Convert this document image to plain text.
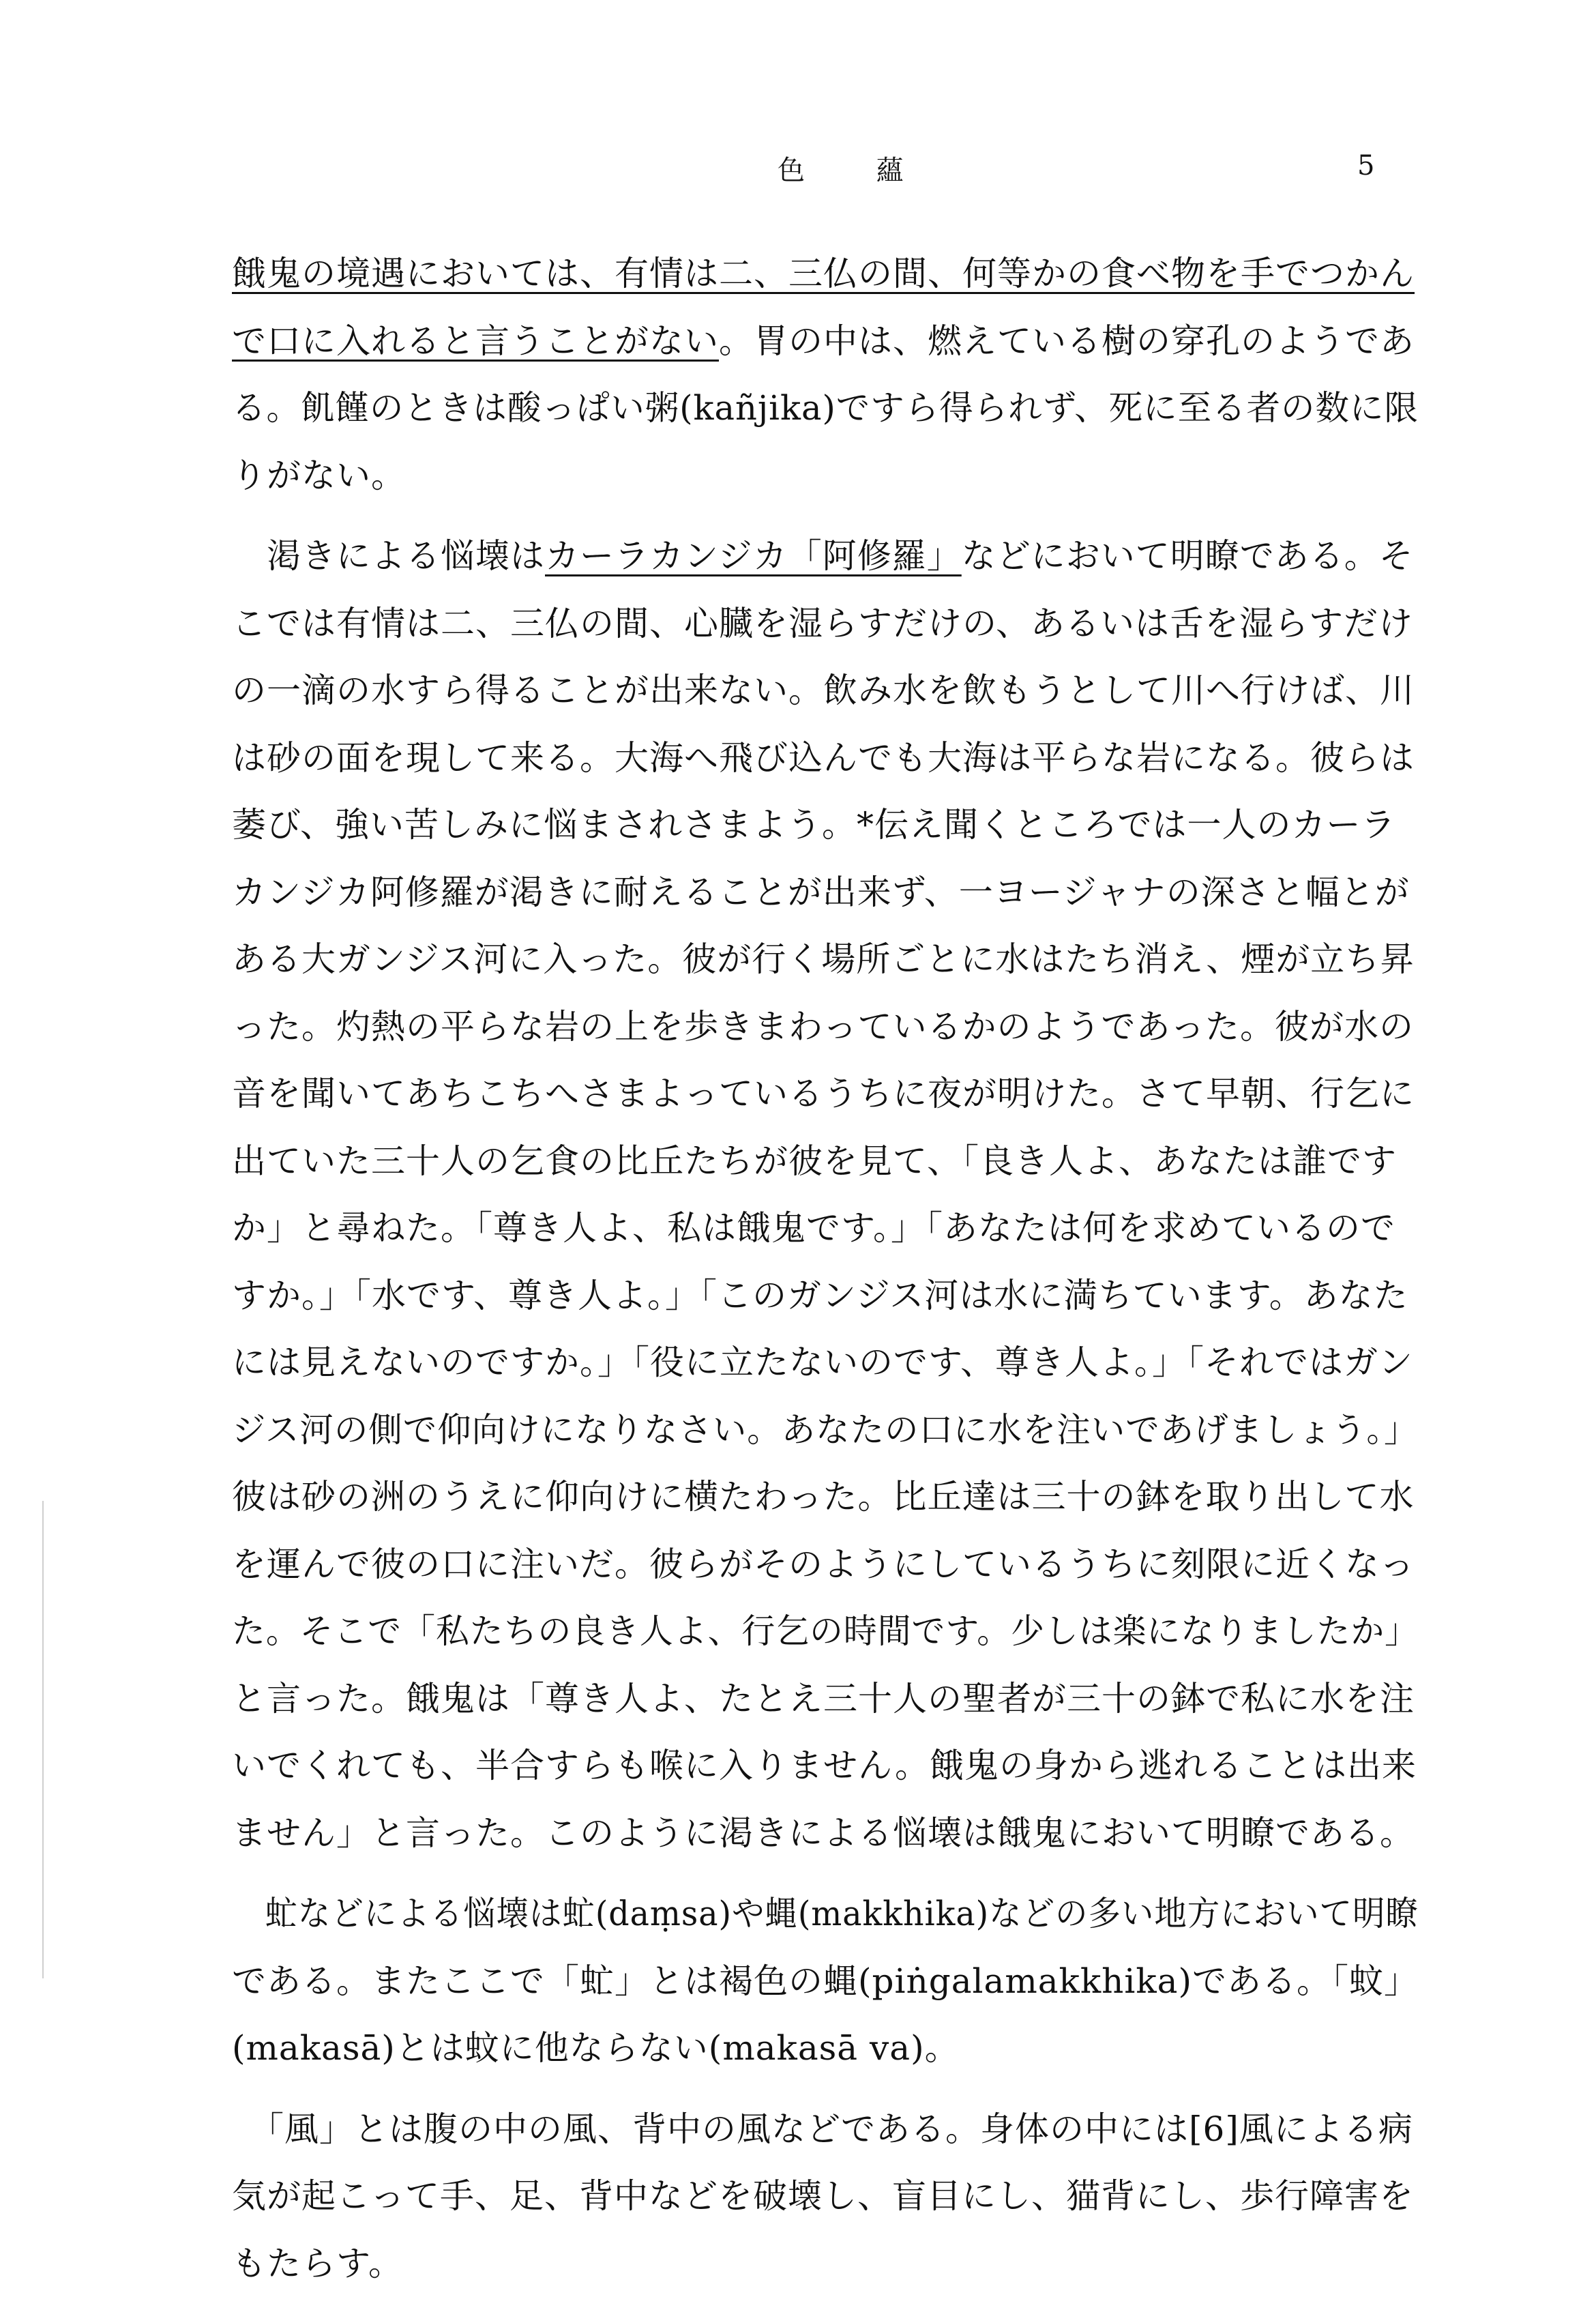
色 蘊	5
餓鬼の境遇においては、有情は二、三仏の間、何等かの食べ物を手でつかん
で口に入れると言うことがない。胃の中は、燃えている樹の穿孔のようであ
る。飢饉のときは酸っぱい粥(kañjika)ですら得られず、死に至る者の数に限
りがない。
　渇きによる悩壊はカーラカンジカ「阿修羅」などにおいて明瞭である。そ
こでは有情は二、三仏の間、心臓を湿らすだけの、あるいは舌を湿らすだけ
の一滴の水すら得ることが出来ない。飲み水を飲もうとして川へ行けば、川
は砂の面を現して来る。大海へ飛び込んでも大海は平らな岩になる。彼らは
萎び、強い苦しみに悩まされさまよう。*伝え聞くところでは一人のカーラ
カンジカ阿修羅が渇きに耐えることが出来ず、一ヨージャナの深さと幅とが
ある大ガンジス河に入った。彼が行く場所ごとに水はたち消え、煙が立ち昇
った。灼熱の平らな岩の上を歩きまわっているかのようであった。彼が水の
音を聞いてあちこちへさまよっているうちに夜が明けた。さて早朝、行乞に
出ていた三十人の乞食の比丘たちが彼を見て、「良き人よ、あなたは誰です
か」と尋ねた。「尊き人よ、私は餓鬼です。」「あなたは何を求めているので
すか。」「水です、尊き人よ。」「このガンジス河は水に満ちています。あなた
には見えないのですか。」「役に立たないのです、尊き人よ。」「それではガン
ジス河の側で仰向けになりなさい。あなたの口に水を注いであげましょう。」
彼は砂の洲のうえに仰向けに横たわった。比丘達は三十の鉢を取り出して水
を運んで彼の口に注いだ。彼らがそのようにしているうちに刻限に近くなっ
た。そこで「私たちの良き人よ、行乞の時間です。少しは楽になりましたか」
と言った。餓鬼は「尊き人よ、たとえ三十人の聖者が三十の鉢で私に水を注
いでくれても、半合すらも喉に入りません。餓鬼の身から逃れることは出来
ません」と言った。このように渇きによる悩壊は餓鬼において明瞭である。
　虻などによる悩壊は虻(daṃsa)や蝿(makkhika)などの多い地方において明瞭
である。またここで「虻」とは褐色の蝿(piṅgalamakkhika)である。「蚊」
(makasā)とは蚊に他ならない(makasā va)。
　「風」とは腹の中の風、背中の風などである。身体の中には[6]風による病
気が起こって手、足、背中などを破壊し、盲目にし、猫背にし、歩行障害を
もたらす。
